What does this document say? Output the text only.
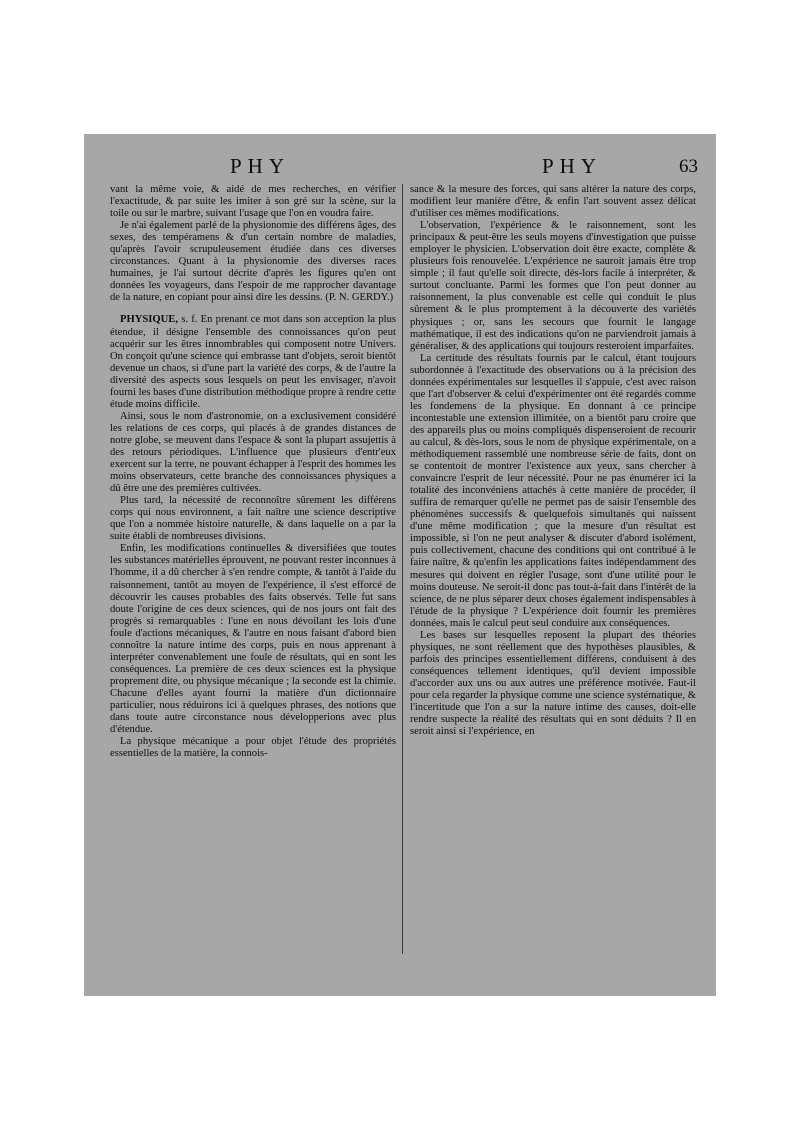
PHY	PHY	63

vant la même voie, & aidé de mes recherches, en vérifier l'exactitude, & par suite les imiter à son gré sur la scène, sur la toile ou sur le marbre, suivant l'usage que l'on en voudra faire.

Je n'ai également parlé de la physionomie des différens âges, des sexes, des tempéramens & d'un certain nombre de maladies, qu'après l'avoir scrupuleusement étudiée dans ces diverses circonstances. Quant à la physionomie des diverses races humaines, je l'ai surtout décrite d'après les figures qu'en ont données les voyageurs, dans l'espoir de me rapprocher davantage de la nature, en copiant pour ainsi dire les dessins. (P. N. GERDY.)

PHYSIQUE, s. f. En prenant ce mot dans son acception la plus étendue, il désigne l'ensemble des connoissances qu'on peut acquérir sur les êtres innombrables qui composent notre Univers. On conçoit qu'une science qui embrasse tant d'objets, seroit bientôt devenue un chaos, si d'une part la variété des corps, & de l'autre la diversité des aspects sous lesquels on peut les envisager, n'avoit fourni les bases d'une distribution méthodique propre à rendre cette étude moins difficile.

Ainsi, sous le nom d'astronomie, on a exclusivement considéré les relations de ces corps, qui placés à de grandes distances de notre globe, se meuvent dans l'espace & sont la plupart assujettis à des retours périodiques. L'influence que plusieurs d'entr'eux exercent sur la terre, ne pouvant échapper à l'esprit des hommes les moins observateurs, cette branche des connoissances physiques a dû être une des premières cultivées.

Plus tard, la nécessité de reconnoître sûrement les différens corps qui nous environnent, a fait naître une science descriptive que l'on a nommée histoire naturelle, & dans laquelle on a par la suite établi de nombreuses divisions.

Enfin, les modifications continuelles & diversifiées que toutes les substances matérielles éprouvent, ne pouvant rester inconnues à l'homme, il a dû chercher à s'en rendre compte, & tantôt à l'aide du raisonnement, tantôt au moyen de l'expérience, il s'est efforcé de découvrir les causes probables des faits observés. Telle fut sans doute l'origine de ces deux sciences, qui de nos jours ont fait des progrès si remarquables : l'une en nous dévoilant les lois d'une foule d'actions mécaniques, & l'autre en nous faisant d'abord bien connoître la nature intime des corps, puis en nous apprenant à interpréter convenablement une foule de résultats, qui en sont les conséquences. La première de ces deux sciences est la physique proprement dite, ou physique mécanique ; la seconde est la chimie. Chacune d'elles ayant fourni la matière d'un dictionnaire particulier, nous réduirons ici à quelques phrases, des notions que dans toute autre circonstance nous développerions avec plus d'étendue.

La physique mécanique a pour objet l'étude des propriétés essentielles de la matière, la connois-

sance & la mesure des forces, qui sans altérer la nature des corps, modifient leur manière d'être, & enfin l'art souvent assez délicat d'utiliser ces mêmes modifications.

L'observation, l'expérience & le raisonnement, sont les principaux & peut-être les seuls moyens d'investigation que puisse employer le physicien. L'observation doit être exacte, complète & plusieurs fois renouvelée. L'expérience ne sauroit jamais être trop simple ; il faut qu'elle soit directe, dès-lors facile à interpréter, & surtout concluante. Parmi les formes que l'on peut donner au raisonnement, la plus convenable est celle qui conduit le plus sûrement & le plus promptement à la découverte des variétés physiques ; or, sans les secours que fournit le langage mathématique, il est des indications qu'on ne parviendroit jamais à généraliser, & des applications qui toujours resteroient imparfaites.

La certitude des résultats fournis par le calcul, étant toujours subordonnée à l'exactitude des observations ou à la précision des données expérimentales sur lesquelles il s'appuie, c'est avec raison que l'art d'observer & celui d'expérimenter ont été regardés comme les fondemens de la physique. En donnant à ce principe incontestable une extension illimitée, on a bientôt paru croire que des appareils plus ou moins compliqués dispenseroient de recourir au calcul, & dès-lors, sous le nom de physique expérimentale, on a méthodiquement rassemblé une nombreuse série de faits, dont on se contentoit de montrer l'existence aux yeux, sans chercher à convaincre l'esprit de leur nécessité. Pour ne pas énumérer ici la totalité des inconvéniens attachés à cette manière de procéder, il suffira de remarquer qu'elle ne permet pas de saisir l'ensemble des phénomènes successifs & quelquefois simultanés qui naissent d'une même modification ; que la mesure d'un résultat est impossible, si l'on ne peut analyser & discuter d'abord isolément, puis collectivement, chacune des conditions qui ont contribué à le faire naître, & qu'enfin les applications faites indépendamment des mesures qui doivent en régler l'usage, sont d'une utilité pour le moins douteuse. Ne seroit-il donc pas tout-à-fait dans l'intérêt de la science, de ne plus séparer deux choses également indispensables à l'étude de la physique ? L'expérience doit fournir les premières données, mais le calcul peut seul conduire aux conséquences.

Les bases sur lesquelles reposent la plupart des théories physiques, ne sont réellement que des hypothèses plausibles, & parfois des principes essentiellement différens, conduisent à des conséquences tellement identiques, qu'il devient impossible d'accorder aux uns ou aux autres une préférence motivée. Faut-il pour cela regarder la physique comme une science systématique, & l'incertitude que l'on a sur la nature intime des causes, doit-elle rendre suspecte la réalité des résultats qui en sont déduits ? Il en seroit ainsi si l'expérience, en
